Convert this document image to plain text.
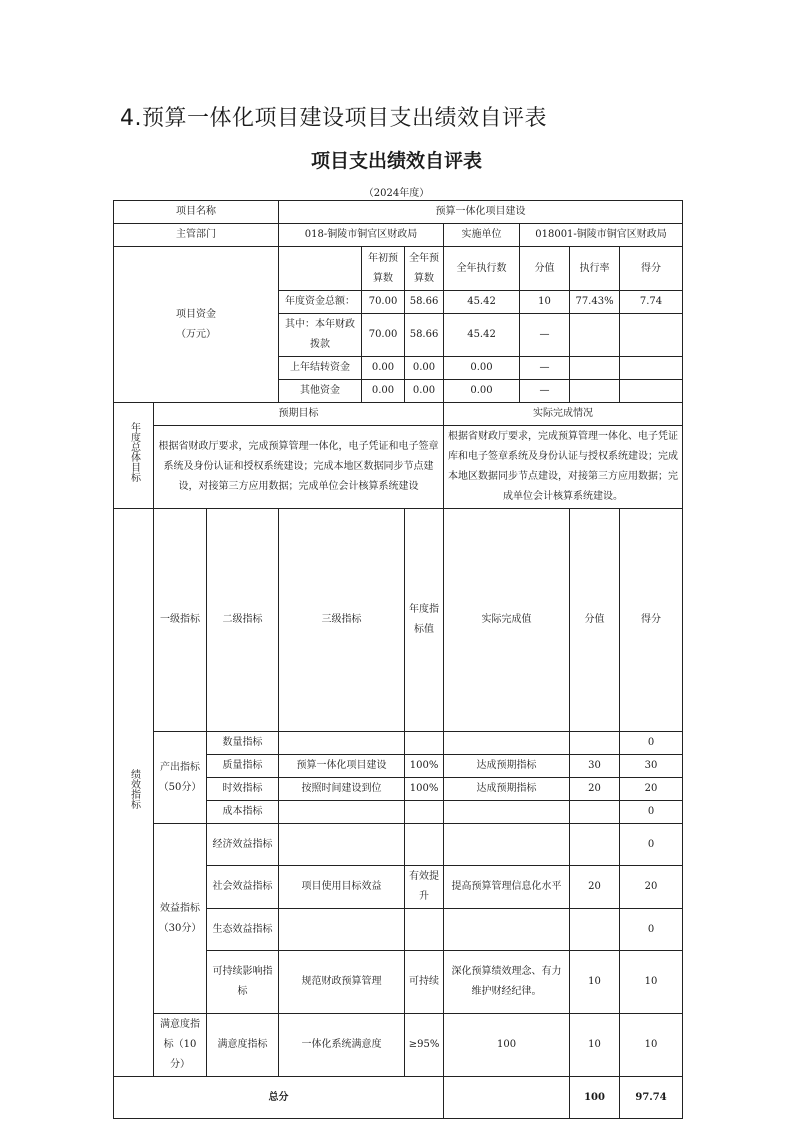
4.预算一体化项目建设项目支出绩效自评表
项目支出绩效自评表
（2024年度）
项目名称			预算一体化项目建设							
主管部门			018-铜陵市铜官区财政局			实施单位	018001-铜陵市铜官区财政局			

项目资金
（万元）				年初预算数	全年预算数	全年执行数	分值	执行率	得分	
			年度资金总额：	70.00	58.66	45.42	10	77.43%	7.74	
			其中：本年财政拨款	70.00	58.66	45.42	—			
			上年结转资金	0.00	0.00	0.00	—			
			其他资金	0.00	0.00	0.00	—			
年度总体目标	预期目标					实际完成情况				
	根据省财政厅要求，完成预算管理一体化，电子凭证和电子签章系统及身份认证和授权系统建设；完成本地区数据同步节点建设，对接第三方应用数据；完成单位会计核算系统建设					根据省财政厅要求，完成预算管理一体化、电子凭证库和电子签章系统及身份认证与授权系统建设；完成本地区数据同步节点建设，对接第三方应用数据；完成单位会计核算系统建设。				
绩效指标	一级指标	二级指标	三级指标		年度指标值	实际完成值		分值	得分	
	产出指标（50分）	数量指标							0	
		质量指标	预算一体化项目建设		100%	达成预期指标		30	30	
		时效指标	按照时间建设到位		100%	达成预期指标		20	20	
		成本指标							0	
	效益指标（30分）	经济效益指标							0	
		社会效益指标	项目使用目标效益		有效提升	提高预算管理信息化水平		20	20	
		生态效益指标							0	
		可持续影响指标	规范财政预算管理		可持续	深化预算绩效理念、有力维护财经纪律。		10	10	
	满意度指标（10分）	满意度指标	一体化系统满意度		≥95%	100		10	10	
总分								100	97.74	
